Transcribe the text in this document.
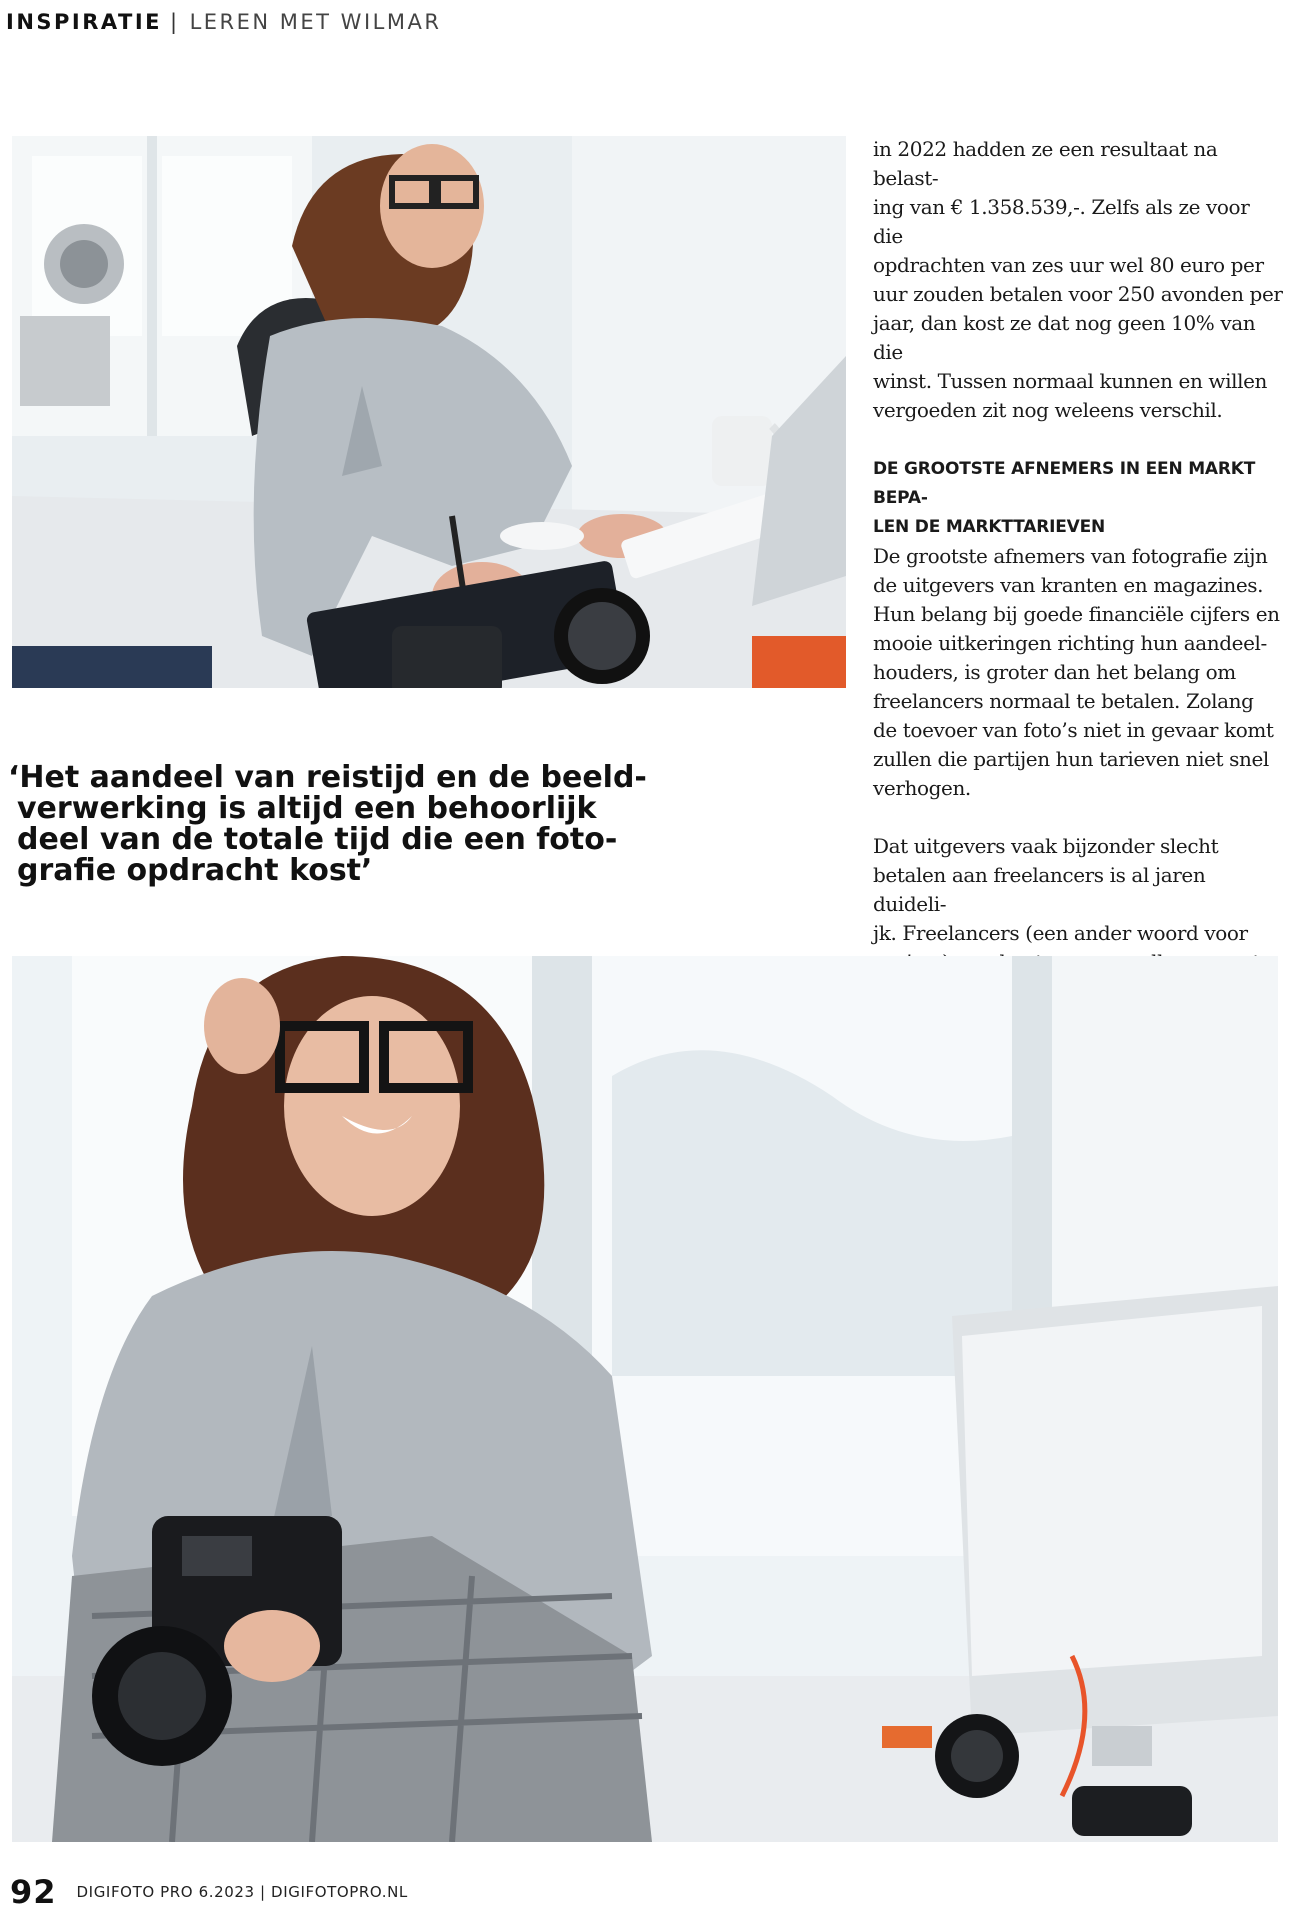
INSPIRATIE | LEREN MET WILMAR
‘Het aandeel van reistijd en de beeld-
verwerking is altijd een behoorlijk
deel van de totale tijd die een foto-
grafie opdracht kost’

in 2022 hadden ze een resultaat na belast-
ing van € 1.358.539,-. Zelfs als ze voor die
opdrachten van zes uur wel 80 euro per
uur zouden betalen voor 250 avonden per
jaar, dan kost ze dat nog geen 10% van die
winst. Tussen normaal kunnen en willen
vergoeden zit nog weleens verschil.

DE GROOTSTE AFNEMERS IN EEN MARKT BEPA-
LEN DE MARKTTARIEVEN

De grootste afnemers van fotografie zijn
de uitgevers van kranten en magazines.
Hun belang bij goede financiële cijfers en
mooie uitkeringen richting hun aandeel-
houders, is groter dan het belang om
freelancers normaal te betalen. Zolang
de toevoer van foto’s niet in gevaar komt
zullen die partijen hun tarieven niet snel
verhogen.

Dat uitgevers vaak bijzonder slecht
betalen aan freelancers is al jaren duideli-
jk. Freelancers (een ander woord voor

92 DIGIFOTO PRO 6.2023 | DIGIFOTOPRO.NL
